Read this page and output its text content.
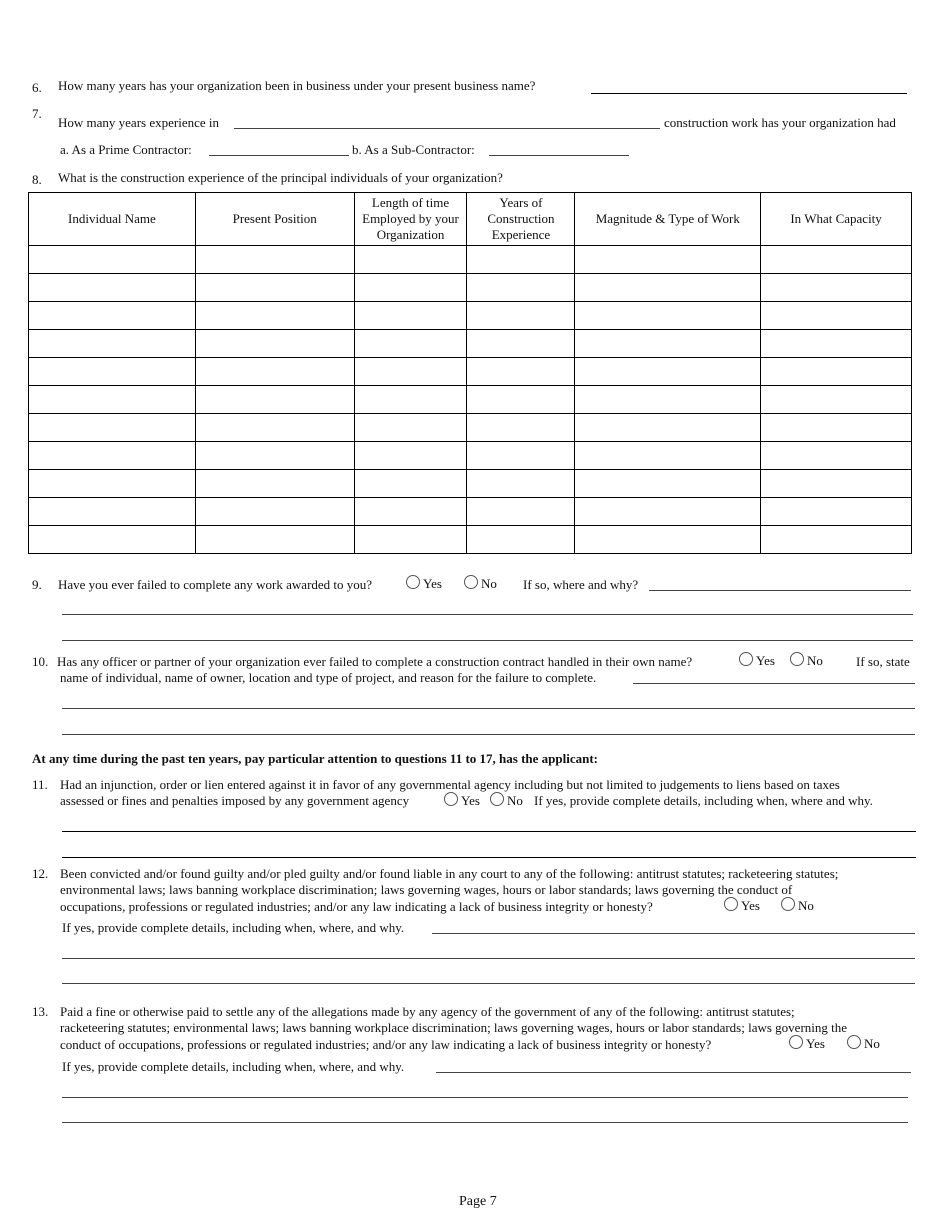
6. How many years has your organization been in business under your present business name?
7.
How many years experience in	construction work has your organization had
a. As a Prime Contractor:	b. As a Sub-Contractor:
8. What is the construction experience of the principal individuals of your organization?
Individual Name	Present Position	Length of time Employed by your Organization	Years of Construction Experience	Magnitude & Type of Work	In What Capacity

9. Have you ever failed to complete any work awarded to you?	Yes	No If so, where and why?
10. Has any officer or partner of your organization ever failed to complete a construction contract handled in their own name?	Yes	No	If so, state
name of individual, name of owner, location and type of project, and reason for the failure to complete.
At any time during the past ten years, pay particular attention to questions 11 to 17, has the applicant:
11. Had an injunction, order or lien entered against it in favor of any governmental agency including but not limited to judgements to liens based on taxes
assessed or fines and penalties imposed by any government agency	Yes	No If yes, provide complete details, including when, where and why.
12. Been convicted and/or found guilty and/or pled guilty and/or found liable in any court to any of the following: antitrust statutes; racketeering statutes;
environmental laws; laws banning workplace discrimination; laws governing wages, hours or labor standards; laws governing the conduct of
occupations, professions or regulated industries; and/or any law indicating a lack of business integrity or honesty?	Yes	No
If yes, provide complete details, including when, where, and why.
13. Paid a fine or otherwise paid to settle any of the allegations made by any agency of the government of any of the following: antitrust statutes;
racketeering statutes; environmental laws; laws banning workplace discrimination; laws governing wages, hours or labor standards; laws governing the
conduct of occupations, professions or regulated industries; and/or any law indicating a lack of business integrity or honesty?	Yes	No
If yes, provide complete details, including when, where, and why.
Page 7
